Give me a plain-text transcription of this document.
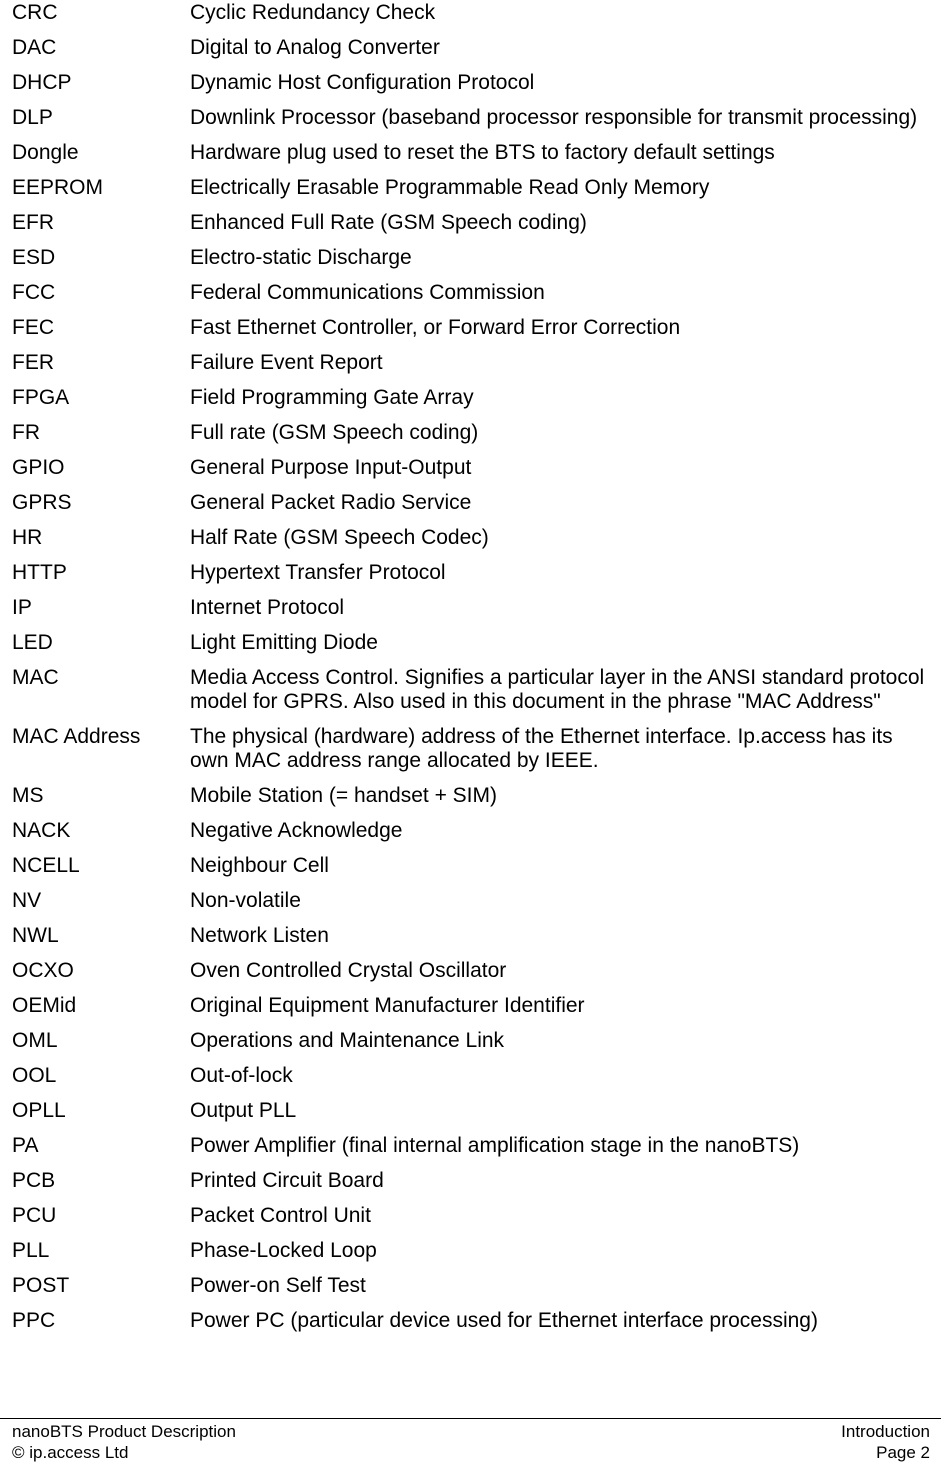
CRC	Cyclic Redundancy Check
DAC	Digital to Analog Converter
DHCP	Dynamic Host Configuration Protocol
DLP	Downlink Processor (baseband processor responsible for transmit processing)
Dongle	Hardware plug used to reset the BTS to factory default settings
EEPROM	Electrically Erasable Programmable Read Only Memory
EFR	Enhanced Full Rate (GSM Speech coding)
ESD	Electro-static Discharge
FCC	Federal Communications Commission
FEC	Fast Ethernet Controller, or Forward Error Correction
FER	Failure Event Report
FPGA	Field Programming Gate Array
FR	Full rate (GSM Speech coding)
GPIO	General Purpose Input-Output
GPRS	General Packet Radio Service
HR	Half Rate (GSM Speech Codec)
HTTP	Hypertext Transfer Protocol
IP	Internet Protocol
LED	Light Emitting Diode
MAC	Media Access Control. Signifies a particular layer in the ANSI standard protocol model for GPRS. Also used in this document in the phrase "MAC Address"
MAC Address	The physical (hardware) address of the Ethernet interface. Ip.access has its own MAC address range allocated by IEEE.
MS	Mobile Station (= handset + SIM)
NACK	Negative Acknowledge
NCELL	Neighbour Cell
NV	Non-volatile
NWL	Network Listen
OCXO	Oven Controlled Crystal Oscillator
OEMid	Original Equipment Manufacturer Identifier
OML	Operations and Maintenance Link
OOL	Out-of-lock
OPLL	Output PLL
PA	Power Amplifier (final internal amplification stage in the nanoBTS)
PCB	Printed Circuit Board
PCU	Packet Control Unit
PLL	Phase-Locked Loop
POST	Power-on Self Test
PPC	Power PC (particular device used for Ethernet interface processing)
nanoBTS Product Description	Introduction
© ip.access Ltd	Page 2
